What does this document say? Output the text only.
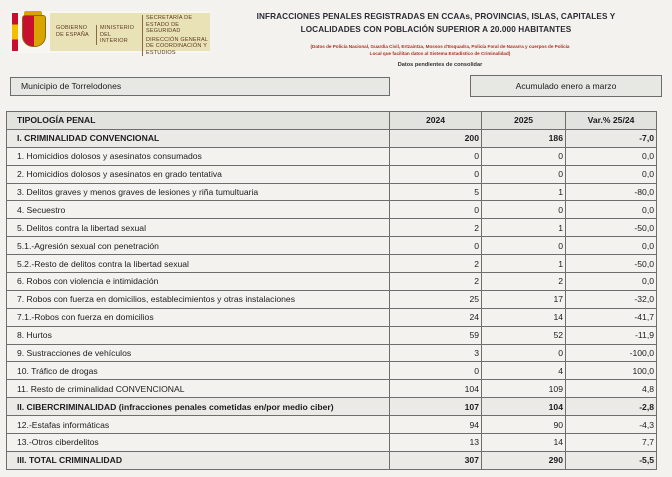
GOBIERNO DE ESPAÑA
MINISTERIO DEL INTERIOR
SECRETARÍA DE ESTADO DE SEGURIDAD
DIRECCIÓN GENERAL DE COORDINACIÓN Y ESTUDIOS
INFRACCIONES PENALES REGISTRADAS EN CCAAs, PROVINCIAS, ISLAS, CAPITALES Y
LOCALIDADES CON POBLACIÓN SUPERIOR A 20.000 HABITANTES
(Datos de Policía Nacional, Guardia Civil, Ertzaintza, Mossos d'Esquadra, Policía Foral de Navarra y cuerpos de Policía
Local que facilitan datos al Sistema Estadístico de Criminalidad)
Datos pendientes de consolidar
Municipio de Torrelodones	Acumulado enero a marzo
TIPOLOGÍA PENAL	2024	2025	Var.% 25/24
I. CRIMINALIDAD CONVENCIONAL	200	186	-7,0
1. Homicidios dolosos y asesinatos consumados	0	0	0,0
2. Homicidios dolosos y asesinatos en grado tentativa	0	0	0,0
3. Delitos graves y menos graves de lesiones y riña tumultuaria	5	1	-80,0
4. Secuestro	0	0	0,0
5. Delitos contra la libertad sexual	2	1	-50,0
5.1.-Agresión sexual con penetración	0	0	0,0
5.2.-Resto de delitos contra la libertad sexual	2	1	-50,0
6. Robos con violencia e intimidación	2	2	0,0
7. Robos con fuerza en domicilios, establecimientos y otras instalaciones	25	17	-32,0
7.1.-Robos con fuerza en domicilios	24	14	-41,7
8. Hurtos	59	52	-11,9
9. Sustracciones de vehículos	3	0	-100,0
10. Tráfico de drogas	0	4	100,0
11. Resto de criminalidad CONVENCIONAL	104	109	4,8
II. CIBERCRIMINALIDAD (infracciones penales cometidas en/por medio ciber)	107	104	-2,8
12.-Estafas informáticas	94	90	-4,3
13.-Otros ciberdelitos	13	14	7,7
III. TOTAL CRIMINALIDAD	307	290	-5,5
